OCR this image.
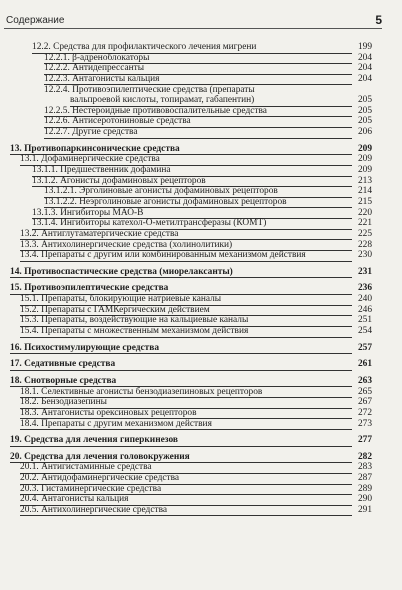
Содержание	5
12.2. Средства для профилактического лечения мигрени	199
12.2.1. β-адреноблокаторы	204
12.2.2. Антидепрессанты	204
12.2.3. Антагонисты кальция	204
12.2.4. Противоэпилептические средства (препараты
вальпроевой кислоты, топирамат, габапентин)	205
12.2.5. Нестероидные противовоспалительные средства	205
12.2.6. Антисеротониновые средства	205
12.2.7. Другие средства	206
13. Противопаркинсонические средства	209
13.1. Дофаминергические средства	209
13.1.1. Предшественник дофамина	209
13.1.2. Агонисты дофаминовых рецепторов	213
13.1.2.1. Эрголиновые агонисты дофаминовых рецепторов	214
13.1.2.2. Неэрголиновые агонисты дофаминовых рецепторов	215
13.1.3. Ингибиторы МАО-В	220
13.1.4. Ингибиторы катехол-О-метилтрансферазы (КОМТ)	221
13.2. Антиглутаматергические средства	225
13.3. Антихолинергические средства (холинолитики)	228
13.4. Препараты с другим или комбинированным механизмом действия	230
14. Противоспастические средства (миорелаксанты)	231
15. Противоэпилептические средства	236
15.1. Препараты, блокирующие натриевые каналы	240
15.2. Препараты с ГАМКергическим действием	246
15.3. Препараты, воздействующие на кальциевые каналы	251
15.4. Препараты с множественным механизмом действия	254
16. Психостимулирующие средства	257
17. Седативные средства	261
18. Снотворные средства	263
18.1. Селективные агонисты бензодиазепиновых рецепторов	265
18.2. Бензодиазепины	267
18.3. Антагонисты орексиновых рецепторов	272
18.4. Препараты с другим механизмом действия	273
19. Средства для лечения гиперкинезов	277
20. Средства для лечения головокружения	282
20.1. Антигистаминные средства	283
20.2. Антидофаминергические средства	287
20.3. Гистаминергические средства	289
20.4. Антагонисты кальция	290
20.5. Антихолинергические средства	291
